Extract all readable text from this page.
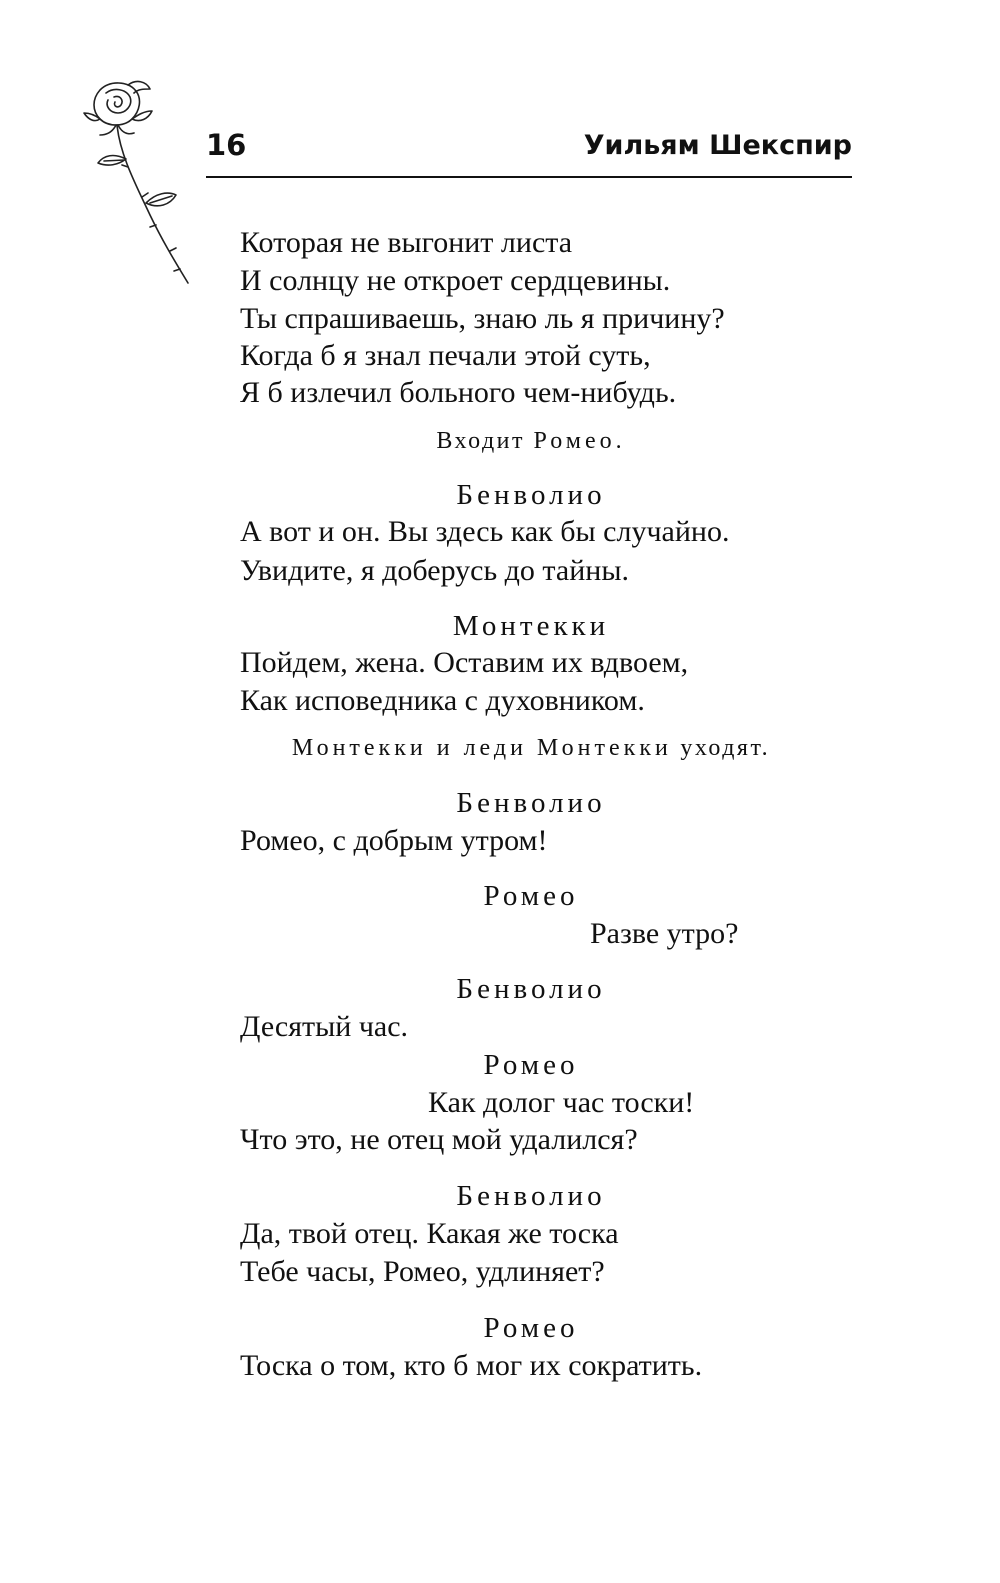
16	Уильям Шекспир
Которая не выгонит листа
И солнцу не откроет сердцевины.
Ты спрашиваешь, знаю ль я причину?
Когда б я знал печали этой суть,
Я б излечил больного чем-нибудь.
Входит Ромео.
Бенволио
А вот и он. Вы здесь как бы случайно.
Увидите, я доберусь до тайны.
Монтекки
Пойдем, жена. Оставим их вдвоем,
Как исповедника с духовником.
Монтекки и леди Монтекки уходят.
Бенволио
Ромео, с добрым утром!
Ромео
Разве утро?
Бенволио
Десятый час.
Ромео
Как долог час тоски!
Что это, не отец мой удалился?
Бенволио
Да, твой отец. Какая же тоска
Тебе часы, Ромео, удлиняет?
Ромео
Тоска о том, кто б мог их сократить.
